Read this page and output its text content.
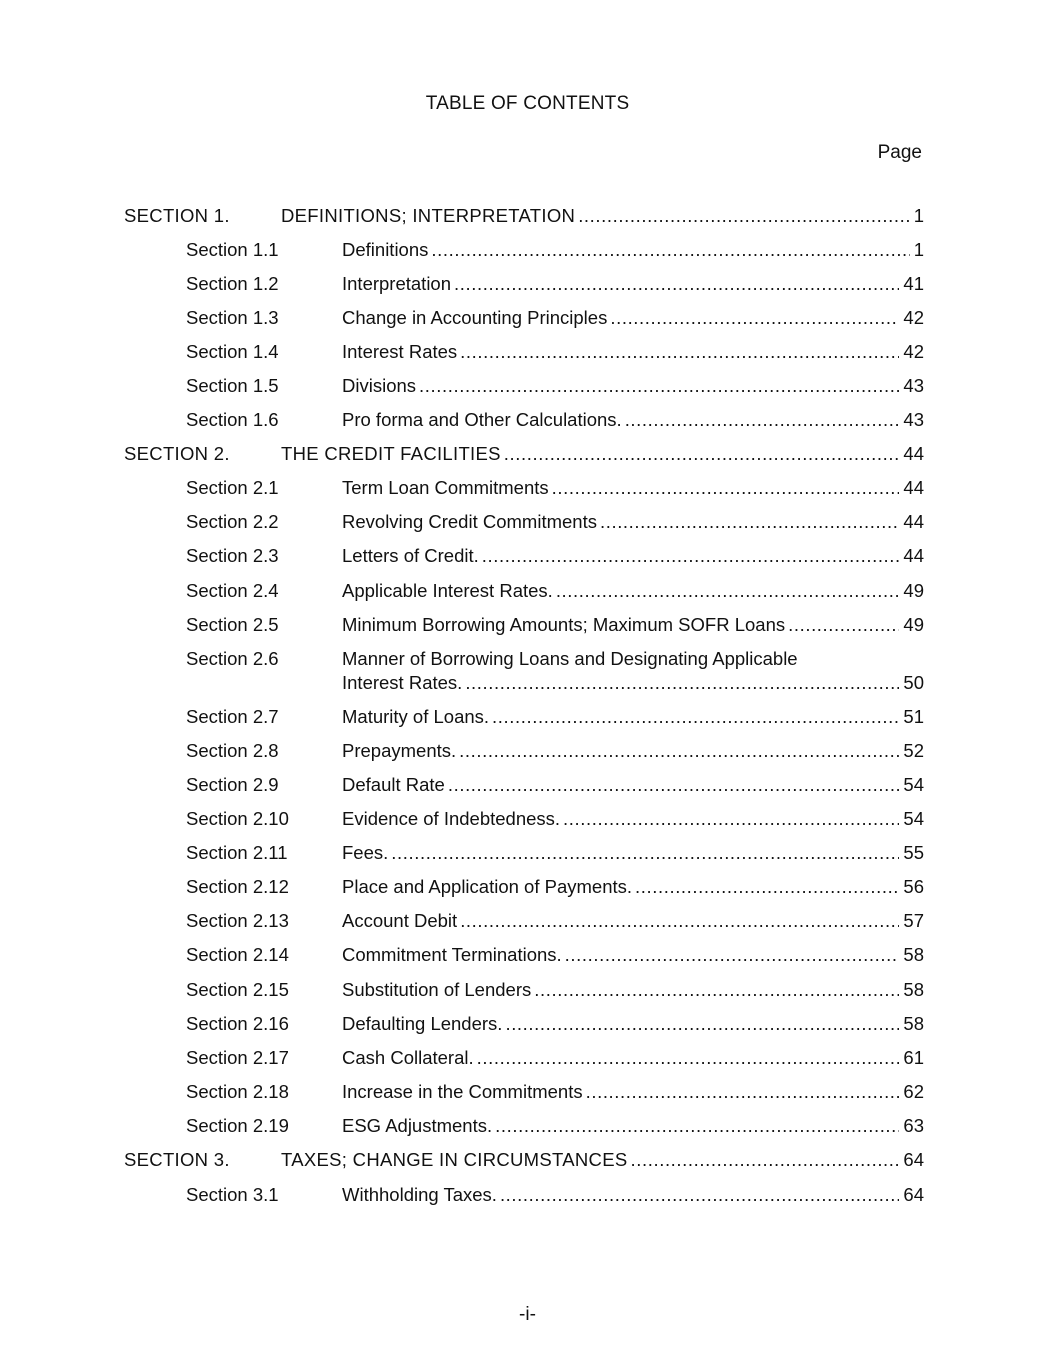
TABLE OF CONTENTS
Page
SECTION 1.	DEFINITIONS; INTERPRETATION .....	1
Section 1.1	Definitions .....	1
Section 1.2	Interpretation .....	41
Section 1.3	Change in Accounting Principles .....	42
Section 1.4	Interest Rates .....	42
Section 1.5	Divisions .....	43
Section 1.6	Pro forma and Other Calculations. .....	43
SECTION 2.	THE CREDIT FACILITIES .....	44
Section 2.1	Term Loan Commitments .....	44
Section 2.2	Revolving Credit Commitments .....	44
Section 2.3	Letters of Credit. .....	44
Section 2.4	Applicable Interest Rates. .....	49
Section 2.5	Minimum Borrowing Amounts; Maximum SOFR Loans .....	49
Section 2.6	Manner of Borrowing Loans and Designating Applicable
Interest Rates. .....	50
Section 2.7	Maturity of Loans. .....	51
Section 2.8	Prepayments. .....	52
Section 2.9	Default Rate .....	54
Section 2.10	Evidence of Indebtedness. .....	54
Section 2.11	Fees. .....	55
Section 2.12	Place and Application of Payments. .....	56
Section 2.13	Account Debit .....	57
Section 2.14	Commitment Terminations. .....	58
Section 2.15	Substitution of Lenders .....	58
Section 2.16	Defaulting Lenders. .....	58
Section 2.17	Cash Collateral. .....	61
Section 2.18	Increase in the Commitments .....	62
Section 2.19	ESG Adjustments. .....	63
SECTION 3.	TAXES; CHANGE IN CIRCUMSTANCES .....	64
Section 3.1	Withholding Taxes. .....	64
-i-
